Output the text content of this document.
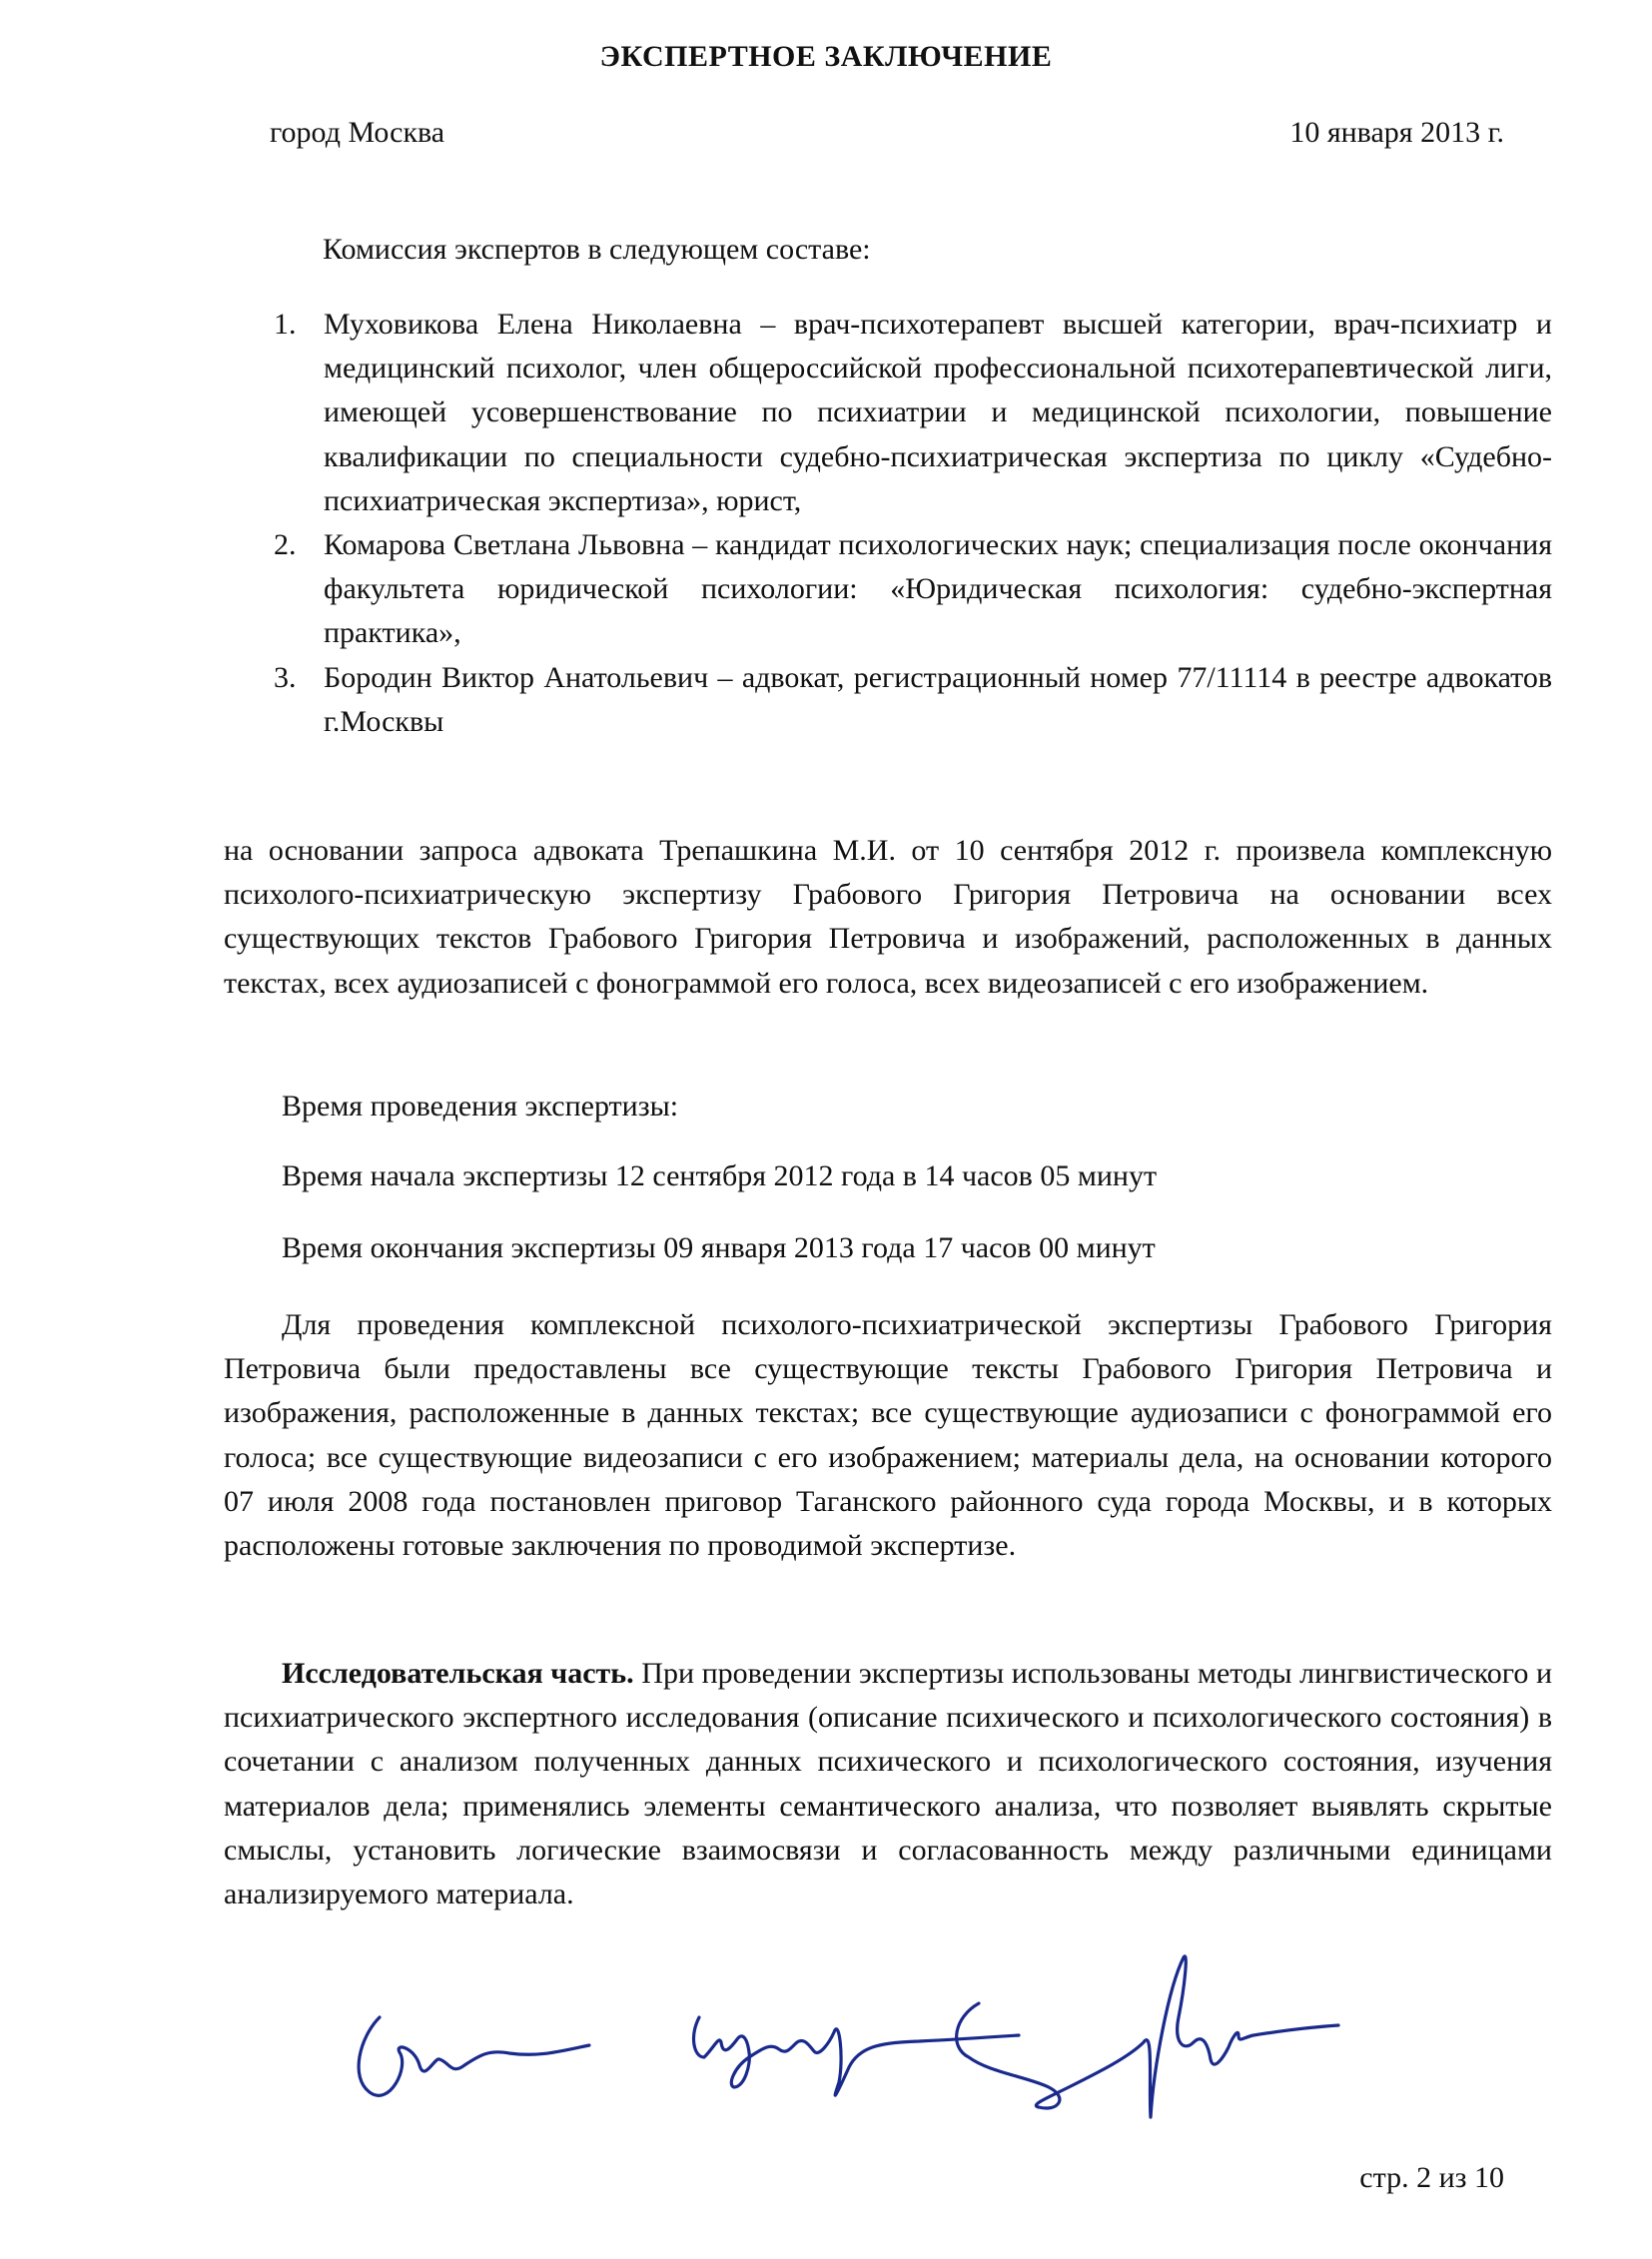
ЭКСПЕРТНОЕ ЗАКЛЮЧЕНИЕ
город Москва	10 января 2013 г.
Комиссия экспертов в следующем составе:
1. Муховикова Елена Николаевна – врач-психотерапевт высшей категории, врач-психиатр и медицинский психолог, член общероссийской профессиональной психотерапевтической лиги, имеющей усовершенствование по психиатрии и медицинской психологии, повышение квалификации по специальности судебно-психиатрическая экспертиза по циклу «Судебно-психиатрическая экспертиза», юрист,
2. Комарова Светлана Львовна – кандидат психологических наук; специализация после окончания факультета юридической психологии: «Юридическая психология: судебно-экспертная практика»,
3. Бородин Виктор Анатольевич – адвокат, регистрационный номер 77/11114 в реестре адвокатов г.Москвы
на основании запроса адвоката Трепашкина М.И. от 10 сентября 2012 г. произвела комплексную психолого-психиатрическую экспертизу Грабового Григория Петровича на основании всех существующих текстов Грабового Григория Петровича и изображений, расположенных в данных текстах, всех аудиозаписей с фонограммой его голоса, всех видеозаписей с его изображением.
Время проведения экспертизы:
Время начала экспертизы 12 сентября 2012 года в 14 часов 05 минут
Время окончания экспертизы 09 января 2013 года 17 часов 00 минут
Для проведения комплексной психолого-психиатрической экспертизы Грабового Григория Петровича были предоставлены все существующие тексты Грабового Григория Петровича и изображения, расположенные в данных текстах; все существующие аудиозаписи с фонограммой его голоса; все существующие видеозаписи с его изображением; материалы дела, на основании которого 07 июля 2008 года постановлен приговор Таганского районного суда города Москвы, и в которых расположены готовые заключения по проводимой экспертизе.
Исследовательская часть. При проведении экспертизы использованы методы лингвистического и психиатрического экспертного исследования (описание психического и психологического состояния) в сочетании с анализом полученных данных психического и психологического состояния, изучения материалов дела; применялись элементы семантического анализа, что позволяет выявлять скрытые смыслы, установить логические взаимосвязи и согласованность между различными единицами анализируемого материала.
стр. 2 из 10
